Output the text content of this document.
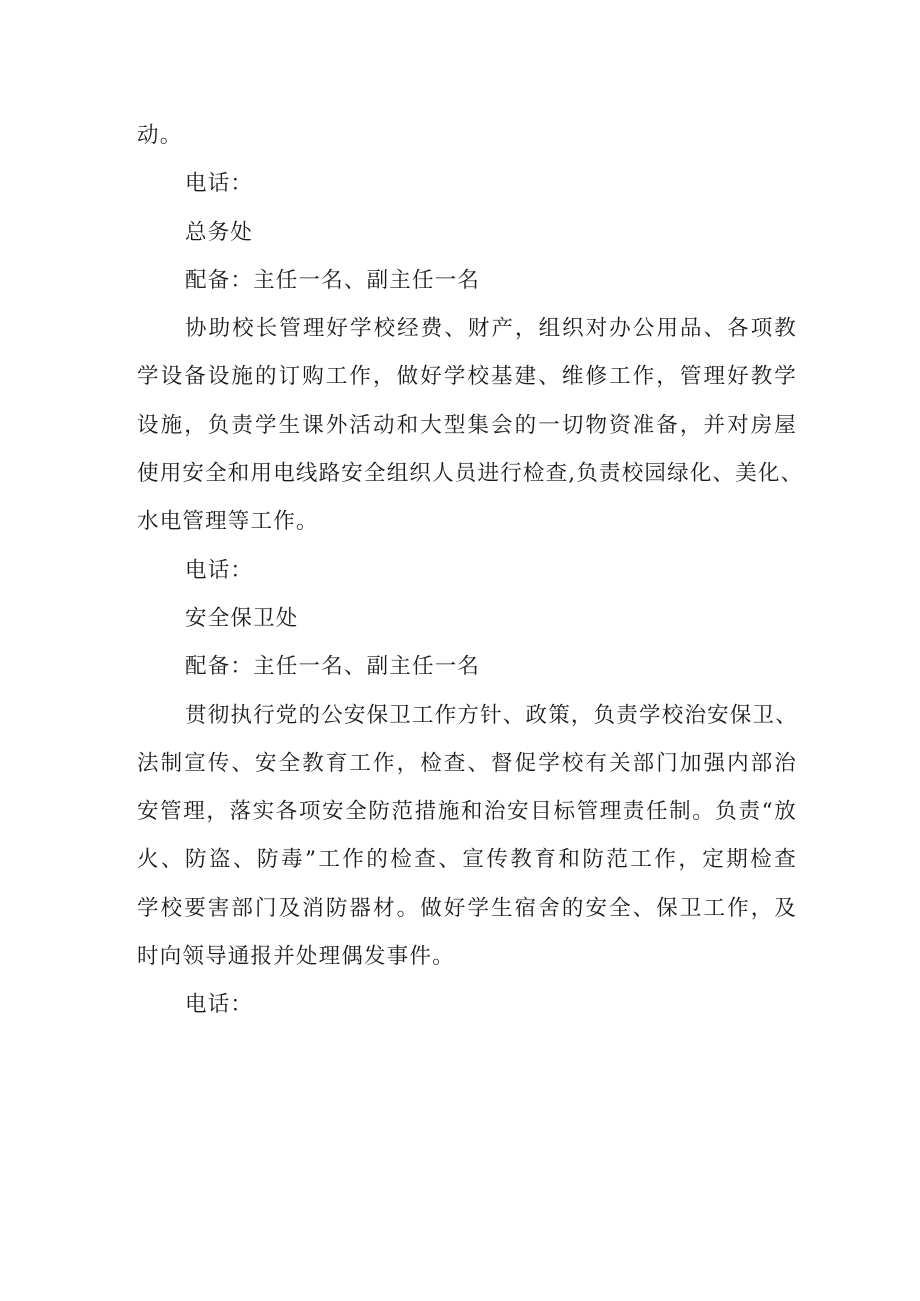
动。
电话：
总务处
配备：主任一名、副主任一名
协助校长管理好学校经费、财产，组织对办公用品、各项教
学设备设施的订购工作，做好学校基建、维修工作，管理好教学
设施，负责学生课外活动和大型集会的一切物资准备，并对房屋
使用安全和用电线路安全组织人员进行检查,负责校园绿化、美化、
水电管理等工作。
电话：
安全保卫处
配备：主任一名、副主任一名
贯彻执行党的公安保卫工作方针、政策，负责学校治安保卫、
法制宣传、安全教育工作，检查、督促学校有关部门加强内部治
安管理，落实各项安全防范措施和治安目标管理责任制。负责“放
火、防盗、防毒”工作的检查、宣传教育和防范工作，定期检查
学校要害部门及消防器材。做好学生宿舍的安全、保卫工作，及
时向领导通报并处理偶发事件。
电话：
